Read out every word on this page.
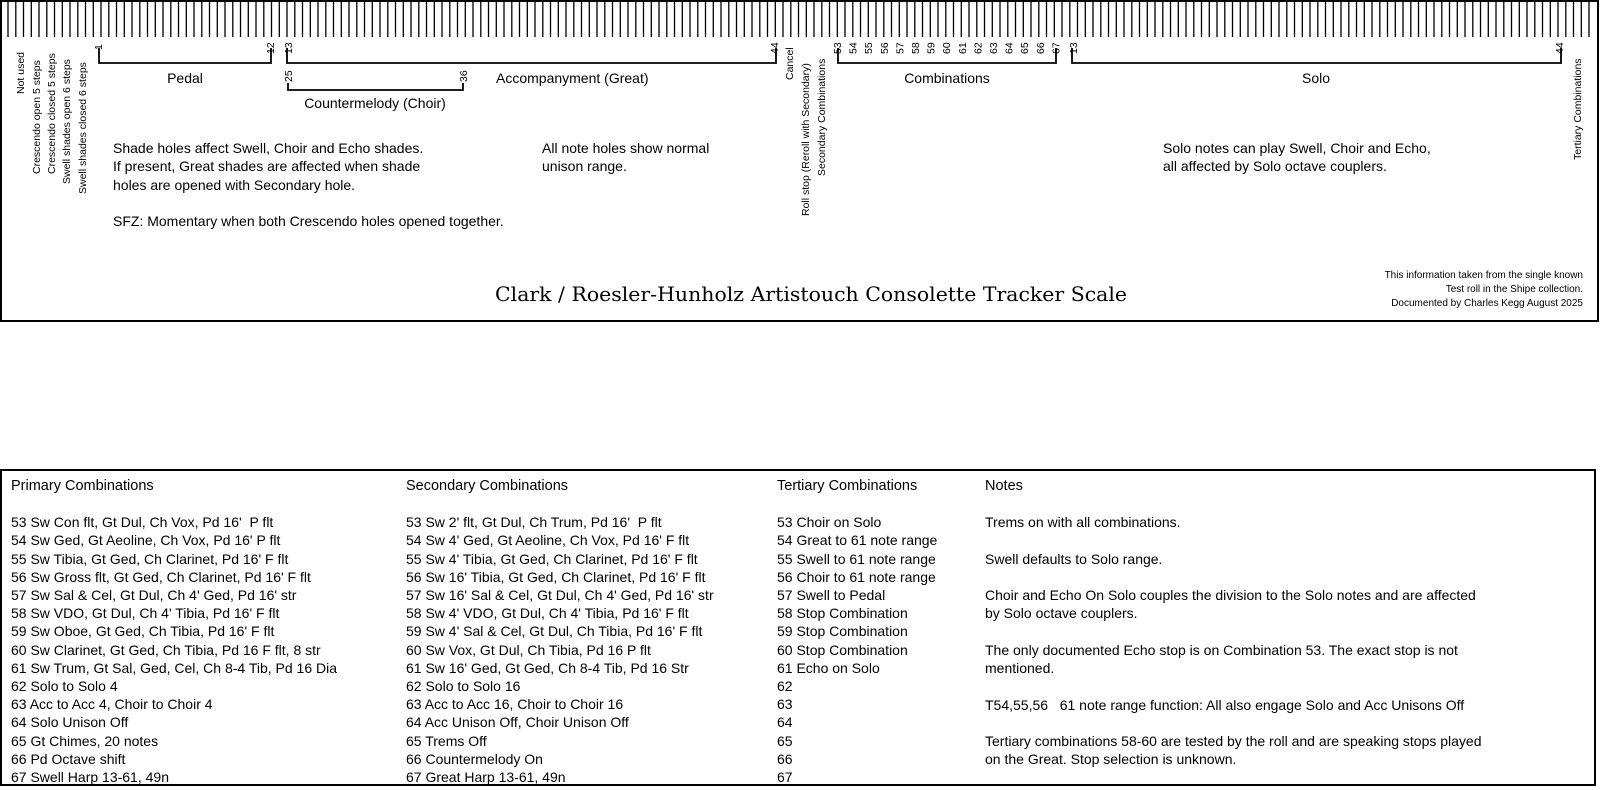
Not used Crescendo open 5 steps Crescendo closed 5 steps Swell shades open 6 steps Swell shades closed 6 steps
1	12
Pedal
13	44
Accompanyment (Great)
25	36
Countermelody (Choir)
Cancel Roll stop (Reroll with Secondary) Secondary Combinations
53 54 55 56 57 58 59 60 61 62 63 64 65 66 67
Combinations
13	44
Solo	Tertiary Combinations
Shade holes affect Swell, Choir and Echo shades.
If present, Great shades are affected when shade
holes are opened with Secondary hole.
SFZ: Momentary when both Crescendo holes opened together.
All note holes show normal
unison range.
Solo notes can play Swell, Choir and Echo,
all affected by Solo octave couplers.
Clark / Roesler-Hunholz Artistouch Consolette Tracker Scale
This information taken from the single known
Test roll in the Shipe collection.
Documented by Charles Kegg August 2025
Primary Combinations
53 Sw Con flt, Gt Dul, Ch Vox, Pd 16'  P flt
54 Sw Ged, Gt Aeoline, Ch Vox, Pd 16' P flt
55 Sw Tibia, Gt Ged, Ch Clarinet, Pd 16' F flt
56 Sw Gross flt, Gt Ged, Ch Clarinet, Pd 16' F flt
57 Sw Sal & Cel, Gt Dul, Ch 4' Ged, Pd 16' str
58 Sw VDO, Gt Dul, Ch 4' Tibia, Pd 16' F flt
59 Sw Oboe, Gt Ged, Ch Tibia, Pd 16' F flt
60 Sw Clarinet, Gt Ged, Ch Tibia, Pd 16 F flt, 8 str
61 Sw Trum, Gt Sal, Ged, Cel, Ch 8-4 Tib, Pd 16 Dia
62 Solo to Solo 4
63 Acc to Acc 4, Choir to Choir 4
64 Solo Unison Off
65 Gt Chimes, 20 notes
66 Pd Octave shift
67 Swell Harp 13-61, 49n
Secondary Combinations
53 Sw 2' flt, Gt Dul, Ch Trum, Pd 16'  P flt
54 Sw 4' Ged, Gt Aeoline, Ch Vox, Pd 16' F flt
55 Sw 4' Tibia, Gt Ged, Ch Clarinet, Pd 16' F flt
56 Sw 16' Tibia, Gt Ged, Ch Clarinet, Pd 16' F flt
57 Sw 16' Sal & Cel, Gt Dul, Ch 4' Ged, Pd 16' str
58 Sw 4' VDO, Gt Dul, Ch 4' Tibia, Pd 16' F flt
59 Sw 4' Sal & Cel, Gt Dul, Ch Tibia, Pd 16' F flt
60 Sw Vox, Gt Dul, Ch Tibia, Pd 16 P flt
61 Sw 16' Ged, Gt Ged, Ch 8-4 Tib, Pd 16 Str
62 Solo to Solo 16
63 Acc to Acc 16, Choir to Choir 16
64 Acc Unison Off, Choir Unison Off
65 Trems Off
66 Countermelody On
67 Great Harp 13-61, 49n
Tertiary Combinations
53 Choir on Solo
54 Great to 61 note range
55 Swell to 61 note range
56 Choir to 61 note range
57 Swell to Pedal
58 Stop Combination
59 Stop Combination
60 Stop Combination
61 Echo on Solo
62
63
64
65
66
67
Notes
Trems on with all combinations.
Swell defaults to Solo range.
Choir and Echo On Solo couples the division to the Solo notes and are affected
by Solo octave couplers.
The only documented Echo stop is on Combination 53. The exact stop is not
mentioned.
T54,55,56   61 note range function: All also engage Solo and Acc Unisons Off
Tertiary combinations 58-60 are tested by the roll and are speaking stops played
on the Great. Stop selection is unknown.
